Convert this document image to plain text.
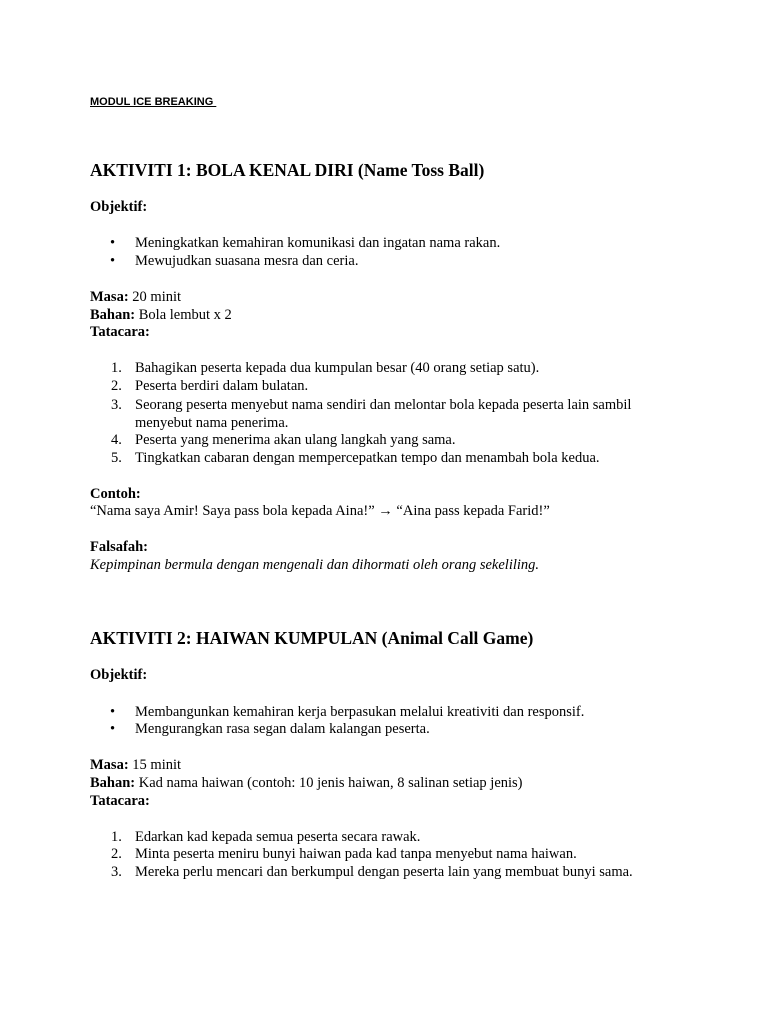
MODUL ICE BREAKING
AKTIVITI 1: BOLA KENAL DIRI (Name Toss Ball)
Objektif:
• Meningkatkan kemahiran komunikasi dan ingatan nama rakan.
• Mewujudkan suasana mesra dan ceria.
Masa: 20 minit
Bahan: Bola lembut x 2
Tatacara:
1. Bahagikan peserta kepada dua kumpulan besar (40 orang setiap satu).
2. Peserta berdiri dalam bulatan.
3. Seorang peserta menyebut nama sendiri dan melontar bola kepada peserta lain sambil menyebut nama penerima.
4. Peserta yang menerima akan ulang langkah yang sama.
5. Tingkatkan cabaran dengan mempercepatkan tempo dan menambah bola kedua.
Contoh:
“Nama saya Amir! Saya pass bola kepada Aina!” → “Aina pass kepada Farid!”
Falsafah:
Kepimpinan bermula dengan mengenali dan dihormati oleh orang sekeliling.
AKTIVITI 2: HAIWAN KUMPULAN (Animal Call Game)
Objektif:
• Membangunkan kemahiran kerja berpasukan melalui kreativiti dan responsif.
• Mengurangkan rasa segan dalam kalangan peserta.
Masa: 15 minit
Bahan: Kad nama haiwan (contoh: 10 jenis haiwan, 8 salinan setiap jenis)
Tatacara:
1. Edarkan kad kepada semua peserta secara rawak.
2. Minta peserta meniru bunyi haiwan pada kad tanpa menyebut nama haiwan.
3. Mereka perlu mencari dan berkumpul dengan peserta lain yang membuat bunyi sama.
